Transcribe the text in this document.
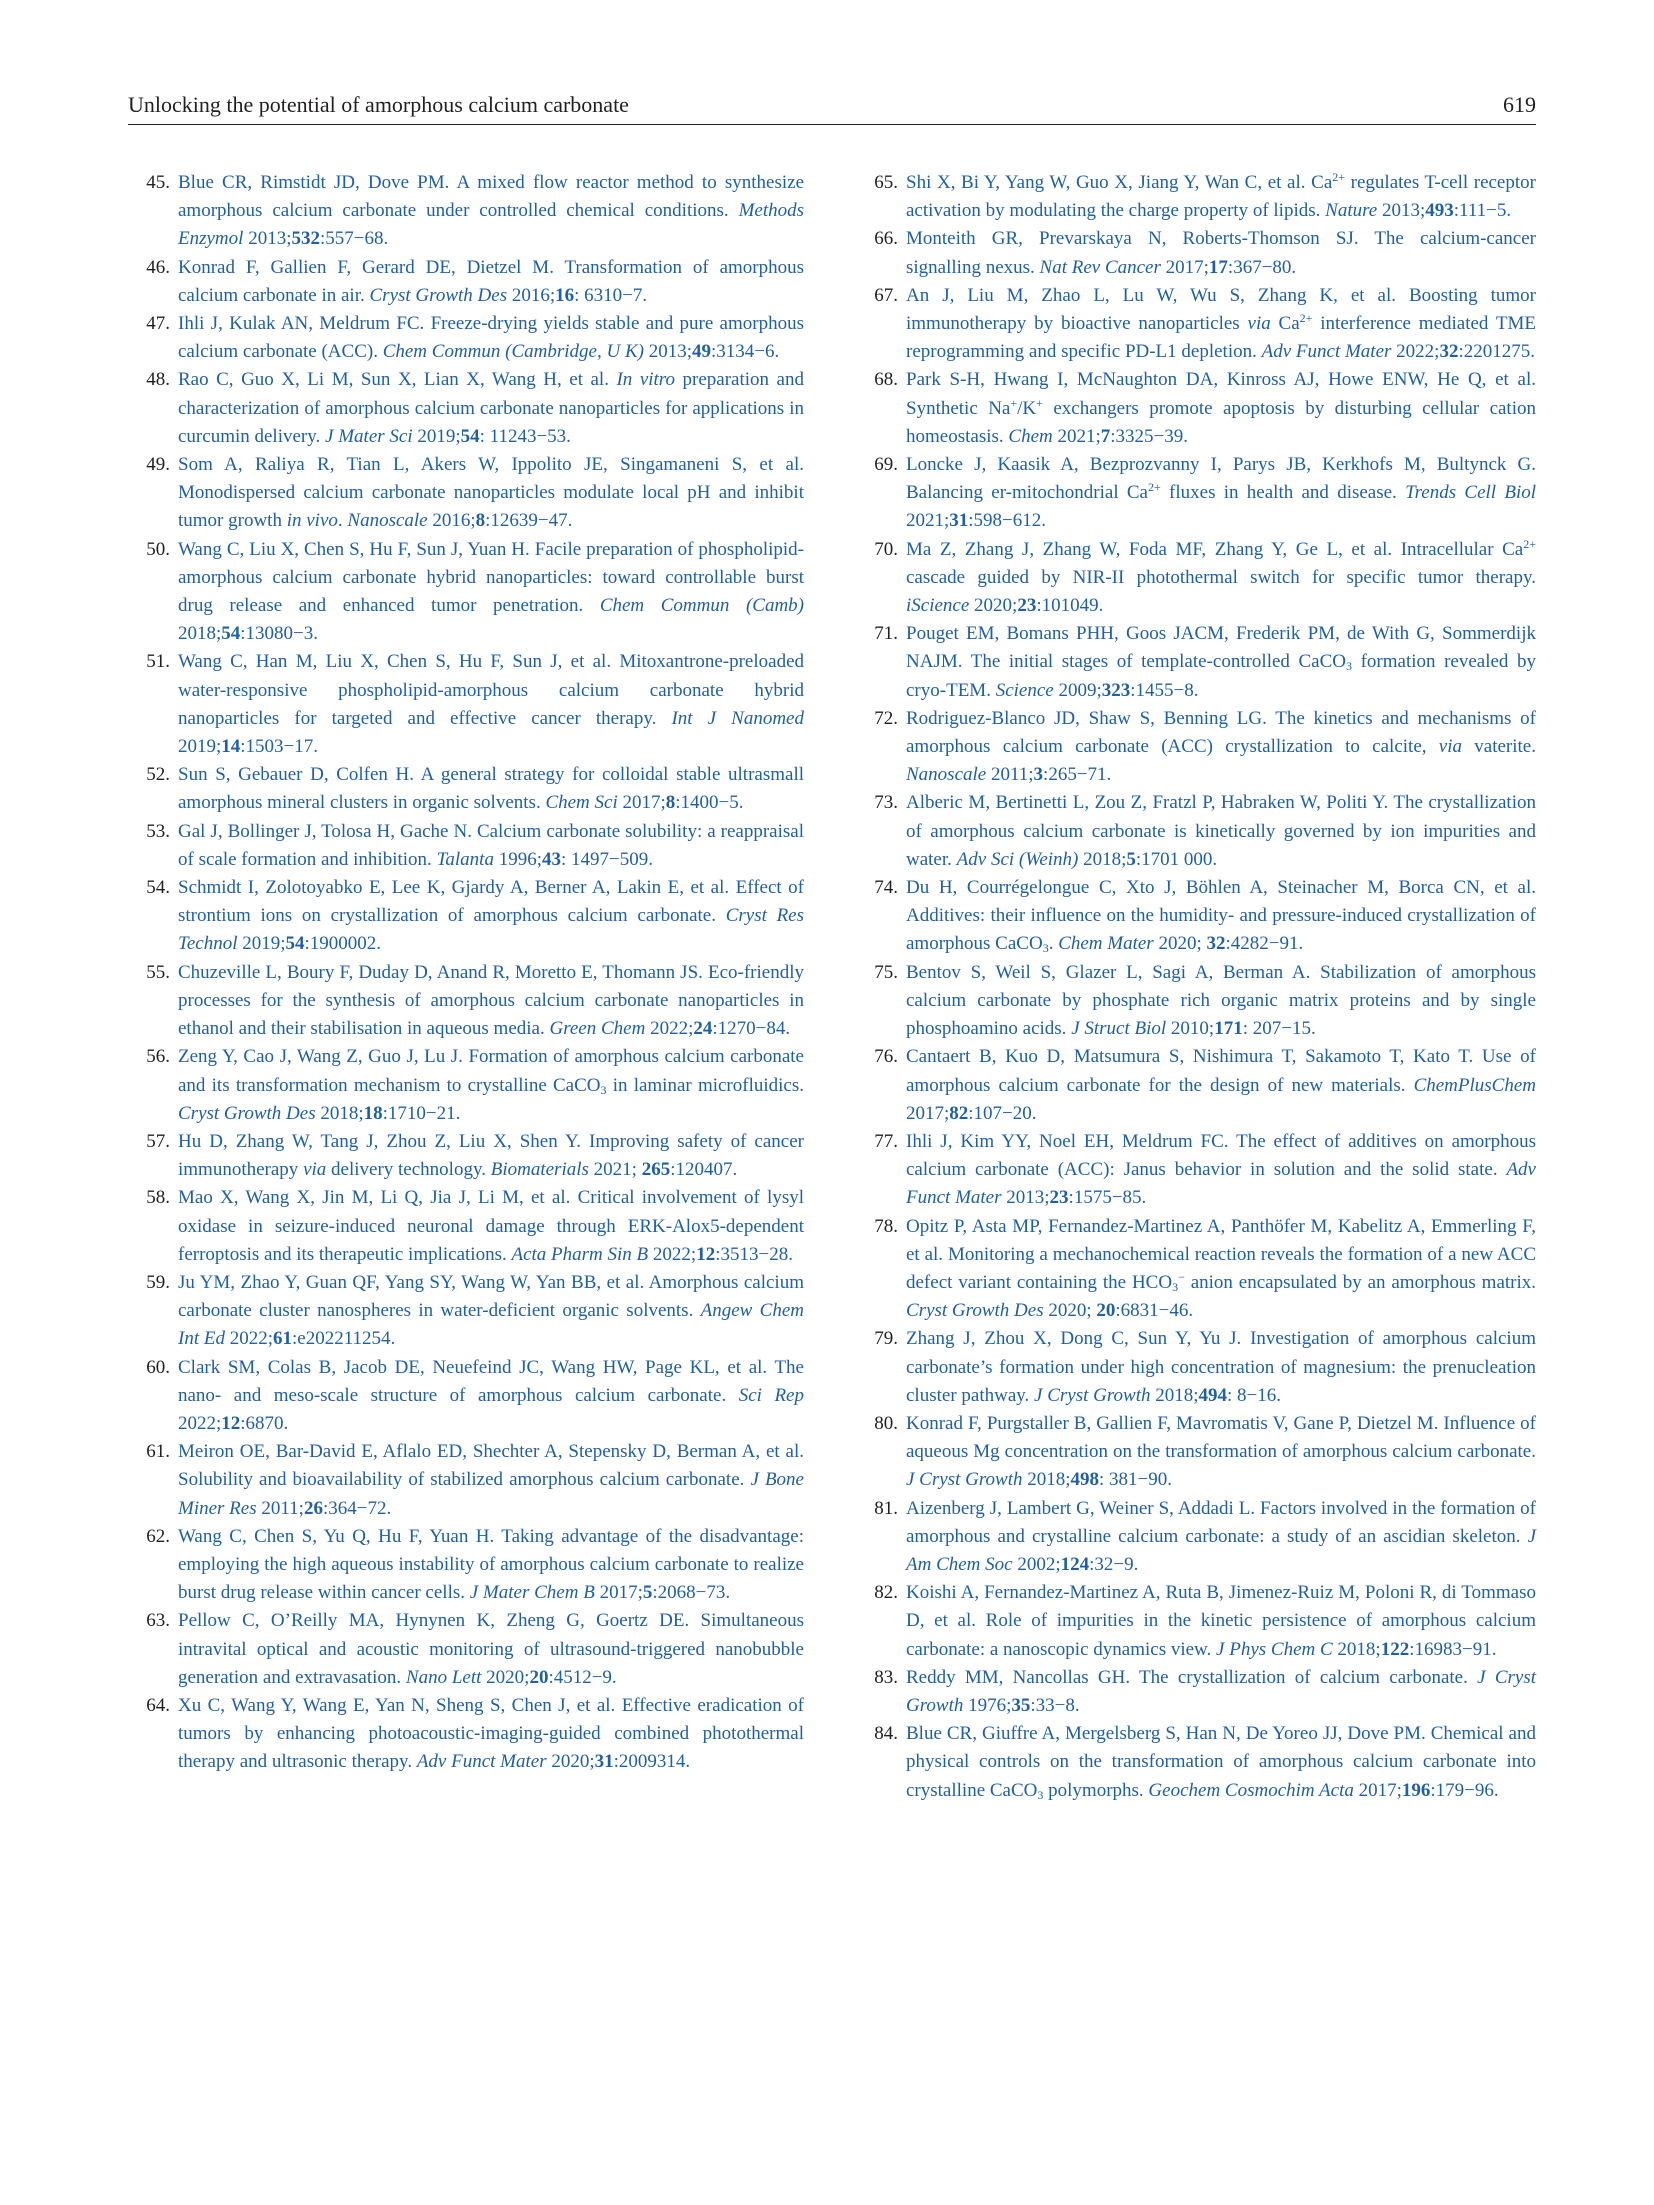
Unlocking the potential of amorphous calcium carbonate	619

45. Blue CR, Rimstidt JD, Dove PM. A mixed flow reactor method to synthesize amorphous calcium carbonate under controlled chemical conditions. Methods Enzymol 2013;532:557−68.

46. Konrad F, Gallien F, Gerard DE, Dietzel M. Transformation of amorphous calcium carbonate in air. Cryst Growth Des 2016;16: 6310−7.

47. Ihli J, Kulak AN, Meldrum FC. Freeze-drying yields stable and pure amorphous calcium carbonate (ACC). Chem Commun (Cambridge, U K) 2013;49:3134−6.

48. Rao C, Guo X, Li M, Sun X, Lian X, Wang H, et al. In vitro preparation and characterization of amorphous calcium carbonate nanoparticles for applications in curcumin delivery. J Mater Sci 2019;54: 11243−53.

49. Som A, Raliya R, Tian L, Akers W, Ippolito JE, Singamaneni S, et al. Monodispersed calcium carbonate nanoparticles modulate local pH and inhibit tumor growth in vivo. Nanoscale 2016;8:12639−47.

50. Wang C, Liu X, Chen S, Hu F, Sun J, Yuan H. Facile preparation of phospholipid-amorphous calcium carbonate hybrid nanoparticles: toward controllable burst drug release and enhanced tumor penetration. Chem Commun (Camb) 2018;54:13080−3.

51. Wang C, Han M, Liu X, Chen S, Hu F, Sun J, et al. Mitoxantrone-preloaded water-responsive phospholipid-amorphous calcium carbonate hybrid nanoparticles for targeted and effective cancer therapy. Int J Nanomed 2019;14:1503−17.

52. Sun S, Gebauer D, Colfen H. A general strategy for colloidal stable ultrasmall amorphous mineral clusters in organic solvents. Chem Sci 2017;8:1400−5.

53. Gal J, Bollinger J, Tolosa H, Gache N. Calcium carbonate solubility: a reappraisal of scale formation and inhibition. Talanta 1996;43: 1497−509.

54. Schmidt I, Zolotoyabko E, Lee K, Gjardy A, Berner A, Lakin E, et al. Effect of strontium ions on crystallization of amorphous calcium carbonate. Cryst Res Technol 2019;54:1900002.

55. Chuzeville L, Boury F, Duday D, Anand R, Moretto E, Thomann JS. Eco-friendly processes for the synthesis of amorphous calcium carbonate nanoparticles in ethanol and their stabilisation in aqueous media. Green Chem 2022;24:1270−84.

56. Zeng Y, Cao J, Wang Z, Guo J, Lu J. Formation of amorphous calcium carbonate and its transformation mechanism to crystalline CaCO$_3$ in laminar microfluidics. Cryst Growth Des 2018;18:1710−21.

57. Hu D, Zhang W, Tang J, Zhou Z, Liu X, Shen Y. Improving safety of cancer immunotherapy via delivery technology. Biomaterials 2021; 265:120407.

58. Mao X, Wang X, Jin M, Li Q, Jia J, Li M, et al. Critical involvement of lysyl oxidase in seizure-induced neuronal damage through ERK-Alox5-dependent ferroptosis and its therapeutic implications. Acta Pharm Sin B 2022;12:3513−28.

59. Ju YM, Zhao Y, Guan QF, Yang SY, Wang W, Yan BB, et al. Amorphous calcium carbonate cluster nanospheres in water-deficient organic solvents. Angew Chem Int Ed 2022;61:e202211254.

60. Clark SM, Colas B, Jacob DE, Neuefeind JC, Wang HW, Page KL, et al. The nano- and meso-scale structure of amorphous calcium carbonate. Sci Rep 2022;12:6870.

61. Meiron OE, Bar-David E, Aflalo ED, Shechter A, Stepensky D, Berman A, et al. Solubility and bioavailability of stabilized amorphous calcium carbonate. J Bone Miner Res 2011;26:364−72.

62. Wang C, Chen S, Yu Q, Hu F, Yuan H. Taking advantage of the disadvantage: employing the high aqueous instability of amorphous calcium carbonate to realize burst drug release within cancer cells. J Mater Chem B 2017;5:2068−73.

63. Pellow C, O’Reilly MA, Hynynen K, Zheng G, Goertz DE. Simultaneous intravital optical and acoustic monitoring of ultrasound-triggered nanobubble generation and extravasation. Nano Lett 2020;20:4512−9.

64. Xu C, Wang Y, Wang E, Yan N, Sheng S, Chen J, et al. Effective eradication of tumors by enhancing photoacoustic-imaging-guided combined photothermal therapy and ultrasonic therapy. Adv Funct Mater 2020;31:2009314.

65. Shi X, Bi Y, Yang W, Guo X, Jiang Y, Wan C, et al. $Ca^{2+}$ regulates T-cell receptor activation by modulating the charge property of lipids. Nature 2013;493:111−5.

66. Monteith GR, Prevarskaya N, Roberts-Thomson SJ. The calcium-cancer signalling nexus. Nat Rev Cancer 2017;17:367−80.

67. An J, Liu M, Zhao L, Lu W, Wu S, Zhang K, et al. Boosting tumor immunotherapy by bioactive nanoparticles via $Ca^{2+}$ interference mediated TME reprogramming and specific PD-L1 depletion. Adv Funct Mater 2022;32:2201275.

68. Park S-H, Hwang I, McNaughton DA, Kinross AJ, Howe ENW, He Q, et al. Synthetic Na+/K+ exchangers promote apoptosis by disturbing cellular cation homeostasis. Chem 2021;7:3325−39.

69. Loncke J, Kaasik A, Bezprozvanny I, Parys JB, Kerkhofs M, Bultynck G. Balancing er-mitochondrial $Ca^{2+}$ fluxes in health and disease. Trends Cell Biol 2021;31:598−612.

70. Ma Z, Zhang J, Zhang W, Foda MF, Zhang Y, Ge L, et al. Intracellular $Ca^{2+}$ cascade guided by NIR-II photothermal switch for specific tumor therapy. iScience 2020;23:101049.

71. Pouget EM, Bomans PHH, Goos JACM, Frederik PM, de With G, Sommerdijk NAJM. The initial stages of template-controlled CaCO$_3$ formation revealed by cryo-TEM. Science 2009;323:1455−8.

72. Rodriguez-Blanco JD, Shaw S, Benning LG. The kinetics and mechanisms of amorphous calcium carbonate (ACC) crystallization to calcite, via vaterite. Nanoscale 2011;3:265−71.

73. Alberic M, Bertinetti L, Zou Z, Fratzl P, Habraken W, Politi Y. The crystallization of amorphous calcium carbonate is kinetically governed by ion impurities and water. Adv Sci (Weinh) 2018;5:1701 000.

74. Du H, Courrégelongue C, Xto J, Böhlen A, Steinacher M, Borca CN, et al. Additives: their influence on the humidity- and pressure-induced crystallization of amorphous CaCO$_3$. Chem Mater 2020; 32:4282−91.

75. Bentov S, Weil S, Glazer L, Sagi A, Berman A. Stabilization of amorphous calcium carbonate by phosphate rich organic matrix proteins and by single phosphoamino acids. J Struct Biol 2010;171: 207−15.

76. Cantaert B, Kuo D, Matsumura S, Nishimura T, Sakamoto T, Kato T. Use of amorphous calcium carbonate for the design of new materials. ChemPlusChem 2017;82:107−20.

77. Ihli J, Kim YY, Noel EH, Meldrum FC. The effect of additives on amorphous calcium carbonate (ACC): Janus behavior in solution and the solid state. Adv Funct Mater 2013;23:1575−85.

78. Opitz P, Asta MP, Fernandez-Martinez A, Panthöfer M, Kabelitz A, Emmerling F, et al. Monitoring a mechanochemical reaction reveals the formation of a new ACC defect variant containing the $HCO_3^-$ anion encapsulated by an amorphous matrix. Cryst Growth Des 2020; 20:6831−46.

79. Zhang J, Zhou X, Dong C, Sun Y, Yu J. Investigation of amorphous calcium carbonate’s formation under high concentration of magnesium: the prenucleation cluster pathway. J Cryst Growth 2018;494: 8−16.

80. Konrad F, Purgstaller B, Gallien F, Mavromatis V, Gane P, Dietzel M. Influence of aqueous Mg concentration on the transformation of amorphous calcium carbonate. J Cryst Growth 2018;498: 381−90.

81. Aizenberg J, Lambert G, Weiner S, Addadi L. Factors involved in the formation of amorphous and crystalline calcium carbonate: a study of an ascidian skeleton. J Am Chem Soc 2002;124:32−9.

82. Koishi A, Fernandez-Martinez A, Ruta B, Jimenez-Ruiz M, Poloni R, di Tommaso D, et al. Role of impurities in the kinetic persistence of amorphous calcium carbonate: a nanoscopic dynamics view. J Phys Chem C 2018;122:16983−91.

83. Reddy MM, Nancollas GH. The crystallization of calcium carbonate. J Cryst Growth 1976;35:33−8.

84. Blue CR, Giuffre A, Mergelsberg S, Han N, De Yoreo JJ, Dove PM. Chemical and physical controls on the transformation of amorphous calcium carbonate into crystalline CaCO$_3$ polymorphs. Geochem Cosmochim Acta 2017;196:179−96.
